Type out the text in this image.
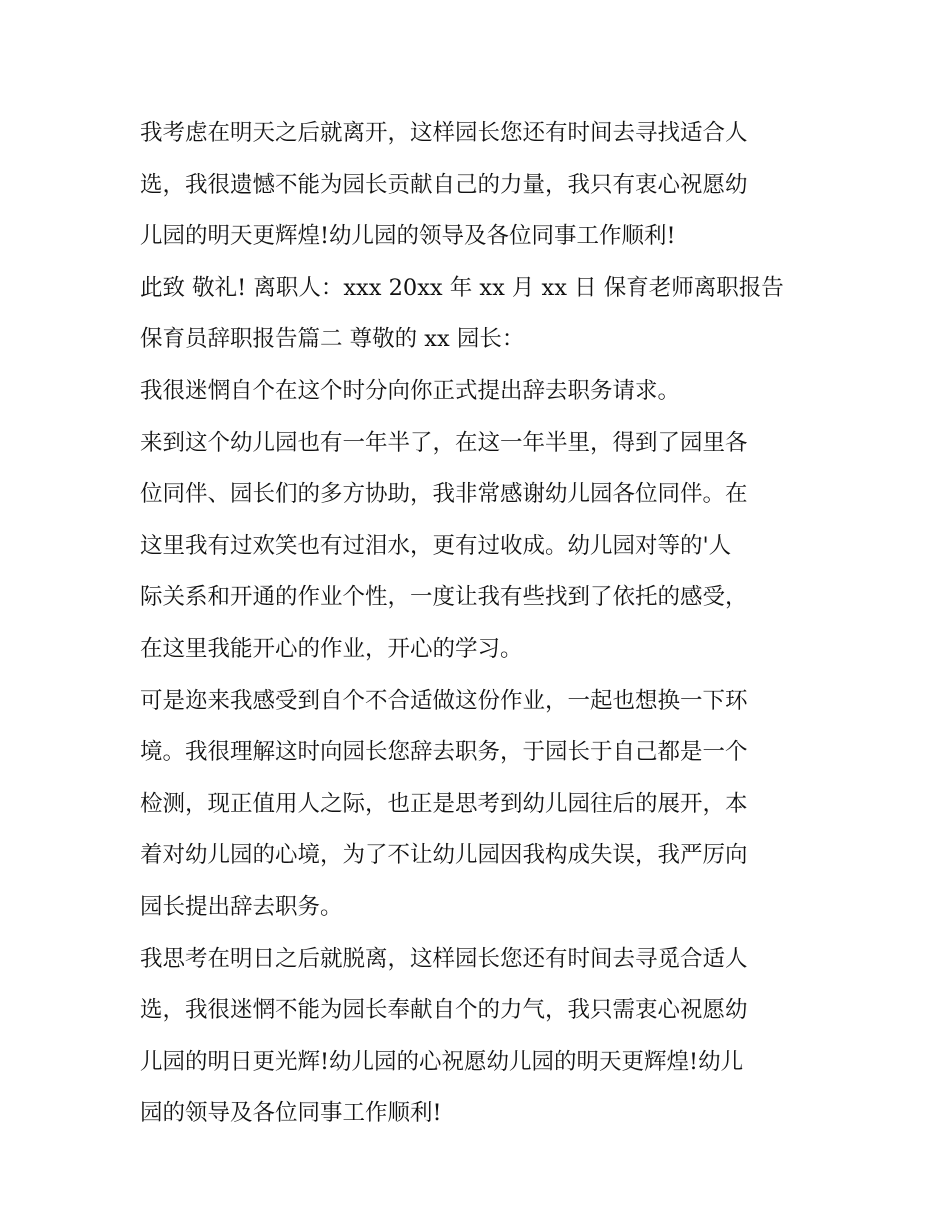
我考虑在明天之后就离开，这样园长您还有时间去寻找适合人
选，我很遗憾不能为园长贡献自己的力量，我只有衷心祝愿幼
儿园的明天更辉煌!幼儿园的领导及各位同事工作顺利!
此致 敬礼! 离职人：xxx 20xx 年 xx 月 xx 日 保育老师离职报告
保育员辞职报告篇二 尊敬的 xx 园长：
我很迷惘自个在这个时分向你正式提出辞去职务请求。
来到这个幼儿园也有一年半了，在这一年半里，得到了园里各
位同伴、园长们的多方协助，我非常感谢幼儿园各位同伴。在
这里我有过欢笑也有过泪水，更有过收成。幼儿园对等的'人
际关系和开通的作业个性，一度让我有些找到了依托的感受，
在这里我能开心的作业，开心的学习。
可是迩来我感受到自个不合适做这份作业，一起也想换一下环
境。我很理解这时向园长您辞去职务，于园长于自己都是一个
检测，现正值用人之际，也正是思考到幼儿园往后的展开，本
着对幼儿园的心境，为了不让幼儿园因我构成失误，我严厉向
园长提出辞去职务。
我思考在明日之后就脱离，这样园长您还有时间去寻觅合适人
选，我很迷惘不能为园长奉献自个的力气，我只需衷心祝愿幼
儿园的明日更光辉!幼儿园的心祝愿幼儿园的明天更辉煌!幼儿
园的领导及各位同事工作顺利!
